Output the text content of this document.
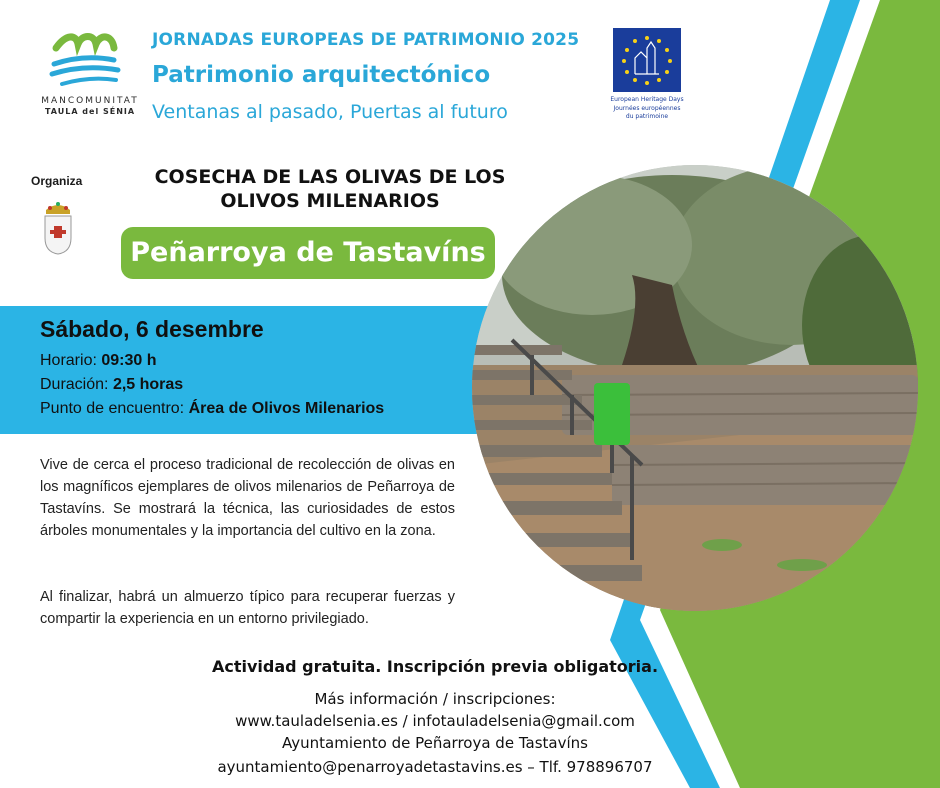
MANCOMUNITAT
TAULA del SÉNIA
JORNADAS EUROPEAS DE PATRIMONIO 2025
Patrimonio arquitectónico
Ventanas al pasado, Puertas al futuro
European Heritage Days
Journées européennes
du patrimoine
Organiza	COSECHA DE LAS OLIVAS DE LOS
OLIVOS MILENARIOS
Peñarroya de Tastavíns
Sábado, 6 desembre
Horario: 09:30 h
Duración: 2,5 horas
Punto de encuentro: Área de Olivos Milenarios
Vive de cerca el proceso tradicional de recolección de olivas en los magníficos ejemplares de olivos milenarios de Peñarroya de Tastavíns. Se mostrará la técnica, las curiosidades de estos árboles monumentales y la importancia del cultivo en la zona.
Al finalizar, habrá un almuerzo típico para recuperar fuerzas y compartir la experiencia en un entorno privilegiado.
Actividad gratuita. Inscripción previa obligatoria.
Más información / inscripciones:
www.tauladelsenia.es / infotauladelsenia@gmail.com
Ayuntamiento de Peñarroya de Tastavíns
ayuntamiento@penarroyadetastavins.es – Tlf. 978896707
